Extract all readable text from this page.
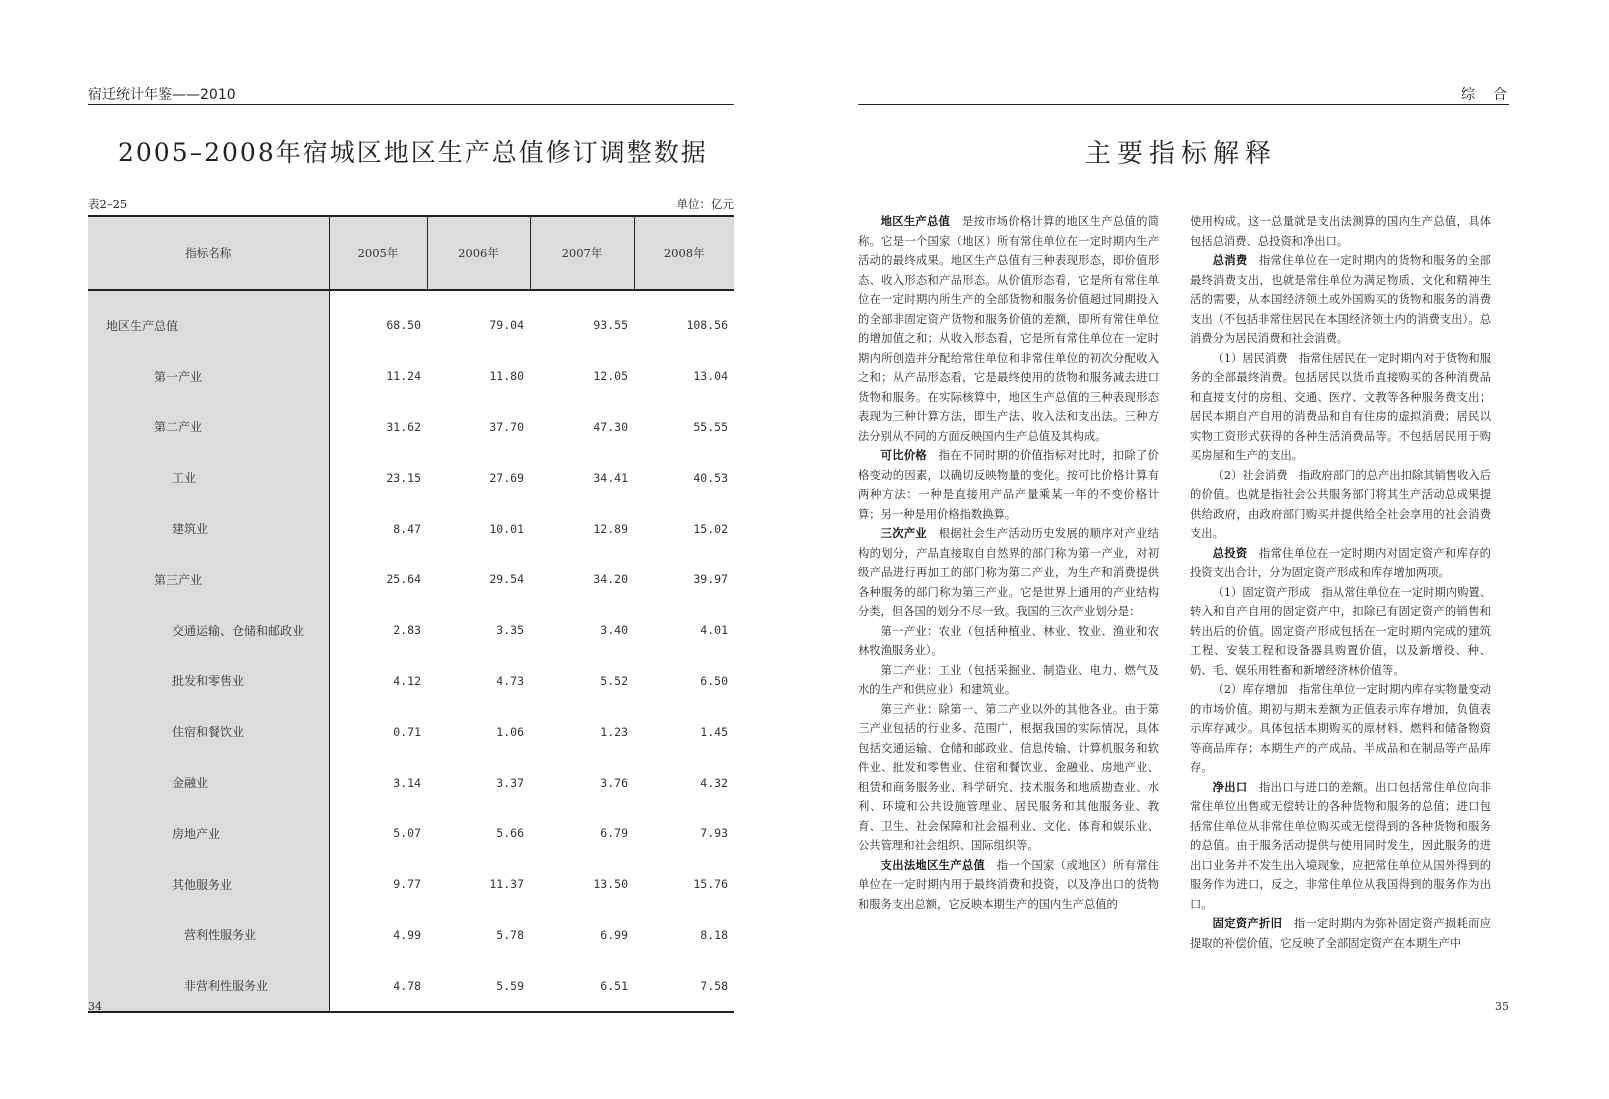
宿迁统计年鉴——2010
2005–2008年宿城区地区生产总值修订调整数据
表2–25	单位：亿元
指标名称	2005年	2006年	2007年	2008年
地区生产总值	68.50	79.04	93.55	108.56
第一产业	11.24	11.80	12.05	13.04
第二产业	31.62	37.70	47.30	55.55
工业	23.15	27.69	34.41	40.53
建筑业	8.47	10.01	12.89	15.02
第三产业	25.64	29.54	34.20	39.97
交通运输、仓储和邮政业	2.83	3.35	3.40	4.01
批发和零售业	4.12	4.73	5.52	6.50
住宿和餐饮业	0.71	1.06	1.23	1.45
金融业	3.14	3.37	3.76	4.32
房地产业	5.07	5.66	6.79	7.93
其他服务业	9.77	11.37	13.50	15.76
营利性服务业	4.99	5.78	6.99	8.18
非营利性服务业	4.78	5.59	6.51	7.58
34
综　合
主要指标解释

地区生产总值　是按市场价格计算的地区生产总值的简称。它是一个国家（地区）所有常住单位在一定时期内生产活动的最终成果。地区生产总值有三种表现形态，即价值形态、收入形态和产品形态。从价值形态看，它是所有常住单位在一定时期内所生产的全部货物和服务价值超过同期投入的全部非固定资产货物和服务价值的差额，即所有常住单位的增加值之和；从收入形态看，它是所有常住单位在一定时期内所创造并分配给常住单位和非常住单位的初次分配收入之和；从产品形态看，它是最终使用的货物和服务减去进口货物和服务。在实际核算中，地区生产总值的三种表现形态表现为三种计算方法，即生产法、收入法和支出法。三种方法分别从不同的方面反映国内生产总值及其构成。

可比价格　指在不同时期的价值指标对比时，扣除了价格变动的因素，以确切反映物量的变化。按可比价格计算有两种方法：一种是直接用产品产量乘某一年的不变价格计算；另一种是用价格指数换算。

三次产业　根据社会生产活动历史发展的顺序对产业结构的划分，产品直接取自自然界的部门称为第一产业，对初级产品进行再加工的部门称为第二产业，为生产和消费提供各种服务的部门称为第三产业。它是世界上通用的产业结构分类，但各国的划分不尽一致。我国的三次产业划分是：

第一产业：农业（包括种植业、林业、牧业、渔业和农林牧渔服务业）。

第二产业：工业（包括采掘业、制造业、电力、燃气及水的生产和供应业）和建筑业。

第三产业：除第一、第二产业以外的其他各业。由于第三产业包括的行业多、范围广，根据我国的实际情况，具体包括交通运输、仓储和邮政业、信息传输、计算机服务和软件业、批发和零售业、住宿和餐饮业、金融业、房地产业、租赁和商务服务业、科学研究、技术服务和地质勘查业、水利、环境和公共设施管理业、居民服务和其他服务业、教育、卫生、社会保障和社会福利业、文化、体育和娱乐业、公共管理和社会组织、国际组织等。

支出法地区生产总值　指一个国家（或地区）所有常住单位在一定时期内用于最终消费和投资，以及净出口的货物和服务支出总额，它反映本期生产的国内生产总值的

使用构成。这一总量就是支出法测算的国内生产总值，具体包括总消费、总投资和净出口。

总消费　指常住单位在一定时期内的货物和服务的全部最终消费支出，也就是常住单位为满足物质、文化和精神生活的需要，从本国经济领土或外国购买的货物和服务的消费支出（不包括非常住居民在本国经济领土内的消费支出）。总消费分为居民消费和社会消费。

（1）居民消费　指常住居民在一定时期内对于货物和服务的全部最终消费。包括居民以货币直接购买的各种消费品和直接支付的房租、交通、医疗、文教等各种服务费支出；居民本期自产自用的消费品和自有住房的虚拟消费；居民以实物工资形式获得的各种生活消费品等。不包括居民用于购买房屋和生产的支出。

（2）社会消费　指政府部门的总产出扣除其销售收入后的价值。也就是指社会公共服务部门将其生产活动总成果提供给政府，由政府部门购买并提供给全社会享用的社会消费支出。

总投资　指常住单位在一定时期内对固定资产和库存的投资支出合计，分为固定资产形成和库存增加两项。

（1）固定资产形成　指从常住单位在一定时期内购置、转入和自产自用的固定资产中，扣除已有固定资产的销售和转出后的价值。固定资产形成包括在一定时期内完成的建筑工程、安装工程和设备器具购置价值，以及新增役、种、奶、毛、娱乐用牲畜和新增经济林价值等。

（2）库存增加　指常住单位一定时期内库存实物量变动的市场价值。期初与期末差额为正值表示库存增加，负值表示库存减少。具体包括本期购买的原材料、燃料和储备物资等商品库存；本期生产的产成品、半成品和在制品等产品库存。

净出口　指出口与进口的差额。出口包括常住单位向非常住单位出售或无偿转让的各种货物和服务的总值；进口包括常住单位从非常住单位购买或无偿得到的各种货物和服务的总值。由于服务活动提供与使用同时发生，因此服务的进出口业务并不发生出入境现象，应把常住单位从国外得到的服务作为进口，反之，非常住单位从我国得到的服务作为出口。

固定资产折旧　指一定时期内为弥补固定资产损耗而应提取的补偿价值，它反映了全部固定资产在本期生产中

35
